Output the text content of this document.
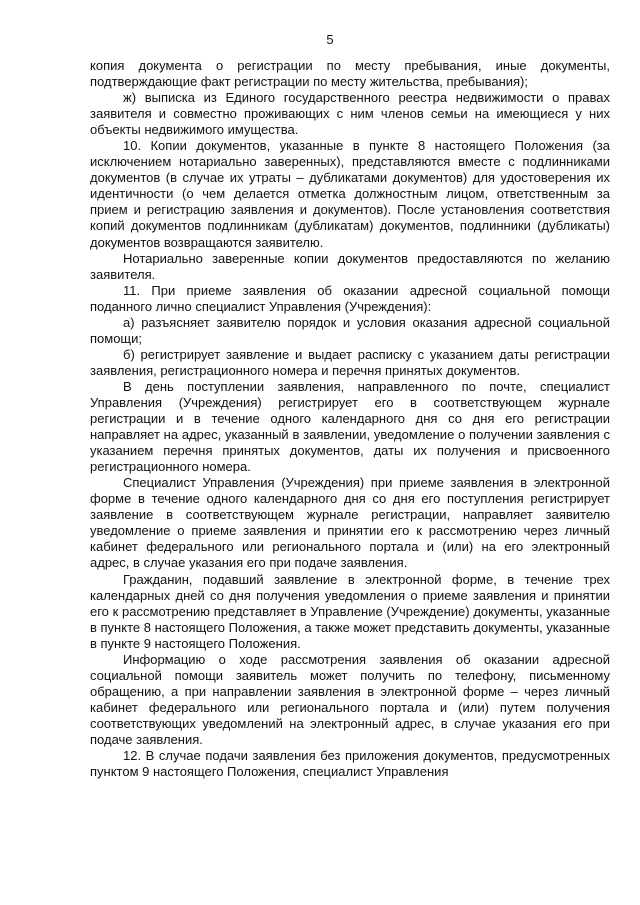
5

копия документа о регистрации по месту пребывания, иные документы, подтверждающие факт регистрации по месту жительства, пребывания);

ж) выписка из Единого государственного реестра недвижимости о правах заявителя и совместно проживающих с ним членов семьи на имеющиеся у них объекты недвижимого имущества.

10. Копии документов, указанные в пункте 8 настоящего Положения (за исключением нотариально заверенных), представляются вместе с подлинниками документов (в случае их утраты – дубликатами документов) для удостоверения их идентичности (о чем делается отметка должностным лицом, ответственным за прием и регистрацию заявления и документов). После установления соответствия копий документов подлинникам (дубликатам) документов, подлинники (дубликаты) документов возвращаются заявителю.

Нотариально заверенные копии документов предоставляются по желанию заявителя.

11. При приеме заявления об оказании адресной социальной помощи поданного лично специалист Управления (Учреждения):

а) разъясняет заявителю порядок и условия оказания адресной социальной помощи;

б) регистрирует заявление и выдает расписку с указанием даты регистрации заявления, регистрационного номера и перечня принятых документов.

В день поступлении заявления, направленного по почте, специалист Управления (Учреждения) регистрирует его в соответствующем журнале регистрации и в течение одного календарного дня со дня его регистрации направляет на адрес, указанный в заявлении, уведомление о получении заявления с указанием перечня принятых документов, даты их получения и присвоенного регистрационного номера.

Специалист Управления (Учреждения) при приеме заявления в электронной форме в течение одного календарного дня со дня его поступления регистрирует заявление в соответствующем журнале регистрации, направляет заявителю уведомление о приеме заявления и принятии его к рассмотрению через личный кабинет федерального или регионального портала и (или) на его электронный адрес, в случае указания его при подаче заявления.

Гражданин, подавший заявление в электронной форме, в течение трех календарных дней со дня получения уведомления о приеме заявления и принятии его к рассмотрению представляет в Управление (Учреждение) документы, указанные в пункте 8 настоящего Положения, а также может представить документы, указанные в пункте 9 настоящего Положения.

Информацию о ходе рассмотрения заявления об оказании адресной социальной помощи заявитель может получить по телефону, письменному обращению, а при направлении заявления в электронной форме – через личный кабинет федерального или регионального портала и (или) путем получения соответствующих уведомлений на электронный адрес, в случае указания его при подаче заявления.

12. В случае подачи заявления без приложения документов, предусмотренных пунктом 9 настоящего Положения, специалист Управления
